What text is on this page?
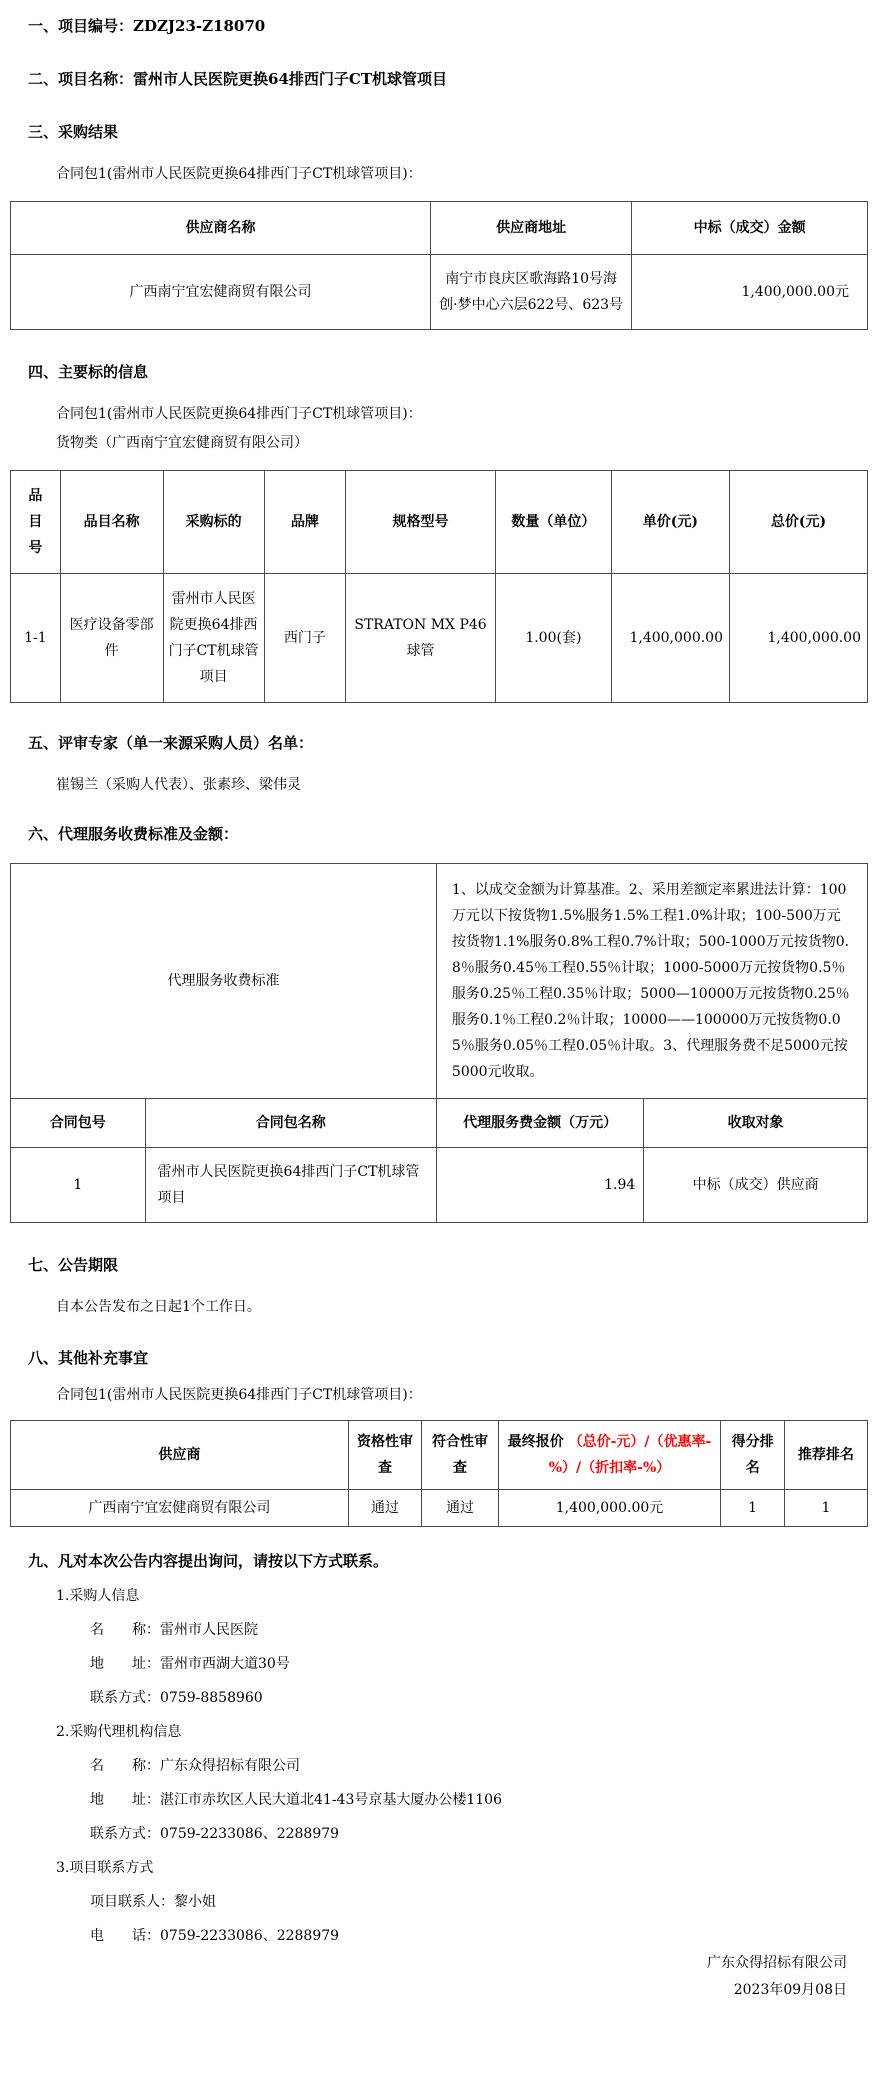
一、项目编号：ZDZJ23-Z18070

二、项目名称：雷州市人民医院更换64排西门子CT机球管项目

三、采购结果

合同包1(雷州市人民医院更换64排西门子CT机球管项目)：

供应商名称	供应商地址	中标（成交）金额
广西南宁宜宏健商贸有限公司	南宁市良庆区歌海路10号海创·梦中心六层622号、623号	1,400,000.00元

四、主要标的信息

合同包1(雷州市人民医院更换64排西门子CT机球管项目)：

货物类（广西南宁宜宏健商贸有限公司）

品目号	品目名称	采购标的	品牌	规格型号	数量（单位）	单价(元)	总价(元)
1-1	医疗设备零部件	雷州市人民医院更换64排西门子CT机球管项目	西门子	STRATON MX P46球管	1.00(套)	1,400,000.00	1,400,000.00

五、评审专家（单一来源采购人员）名单：

崔锡兰（采购人代表）、张素珍、梁伟灵

六、代理服务收费标准及金额：

代理服务收费标准		1、以成交金额为计算基准。2、采用差额定率累进法计算：100万元以下按货物1.5%服务1.5%工程1.0%计取；100-500万元按货物1.1%服务0.8%工程0.7%计取；500-1000万元按货物0.8％服务0.45％工程0.55％计取；1000-5000万元按货物0.5％服务0.25％工程0.35％计取；5000—10000万元按货物0.25％服务0.1％工程0.2％计取；10000——100000万元按货物0.05％服务0.05％工程0.05％计取。3、代理服务费不足5000元按5000元收取。	
合同包号	合同包名称	代理服务费金额（万元）	收取对象
1	雷州市人民医院更换64排西门子CT机球管项目	1.94	中标（成交）供应商

七、公告期限

自本公告发布之日起1个工作日。

八、其他补充事宜

合同包1(雷州市人民医院更换64排西门子CT机球管项目)：

供应商	资格性审查	符合性审查	最终报价 （总价-元）/（优惠率-%）/（折扣率-%）	得分排名	推荐排名
广西南宁宜宏健商贸有限公司	通过	通过	1,400,000.00元	1	1

九、凡对本次公告内容提出询问，请按以下方式联系。

1.采购人信息

名　　称：雷州市人民医院

地　　址：雷州市西湖大道30号

联系方式：0759-8858960

2.采购代理机构信息

名　　称：广东众得招标有限公司

地　　址：湛江市赤坎区人民大道北41-43号京基大厦办公楼1106

联系方式：0759-2233086、2288979

3.项目联系方式

项目联系人：黎小姐

电　　话：0759-2233086、2288979

广东众得招标有限公司

2023年09月08日
